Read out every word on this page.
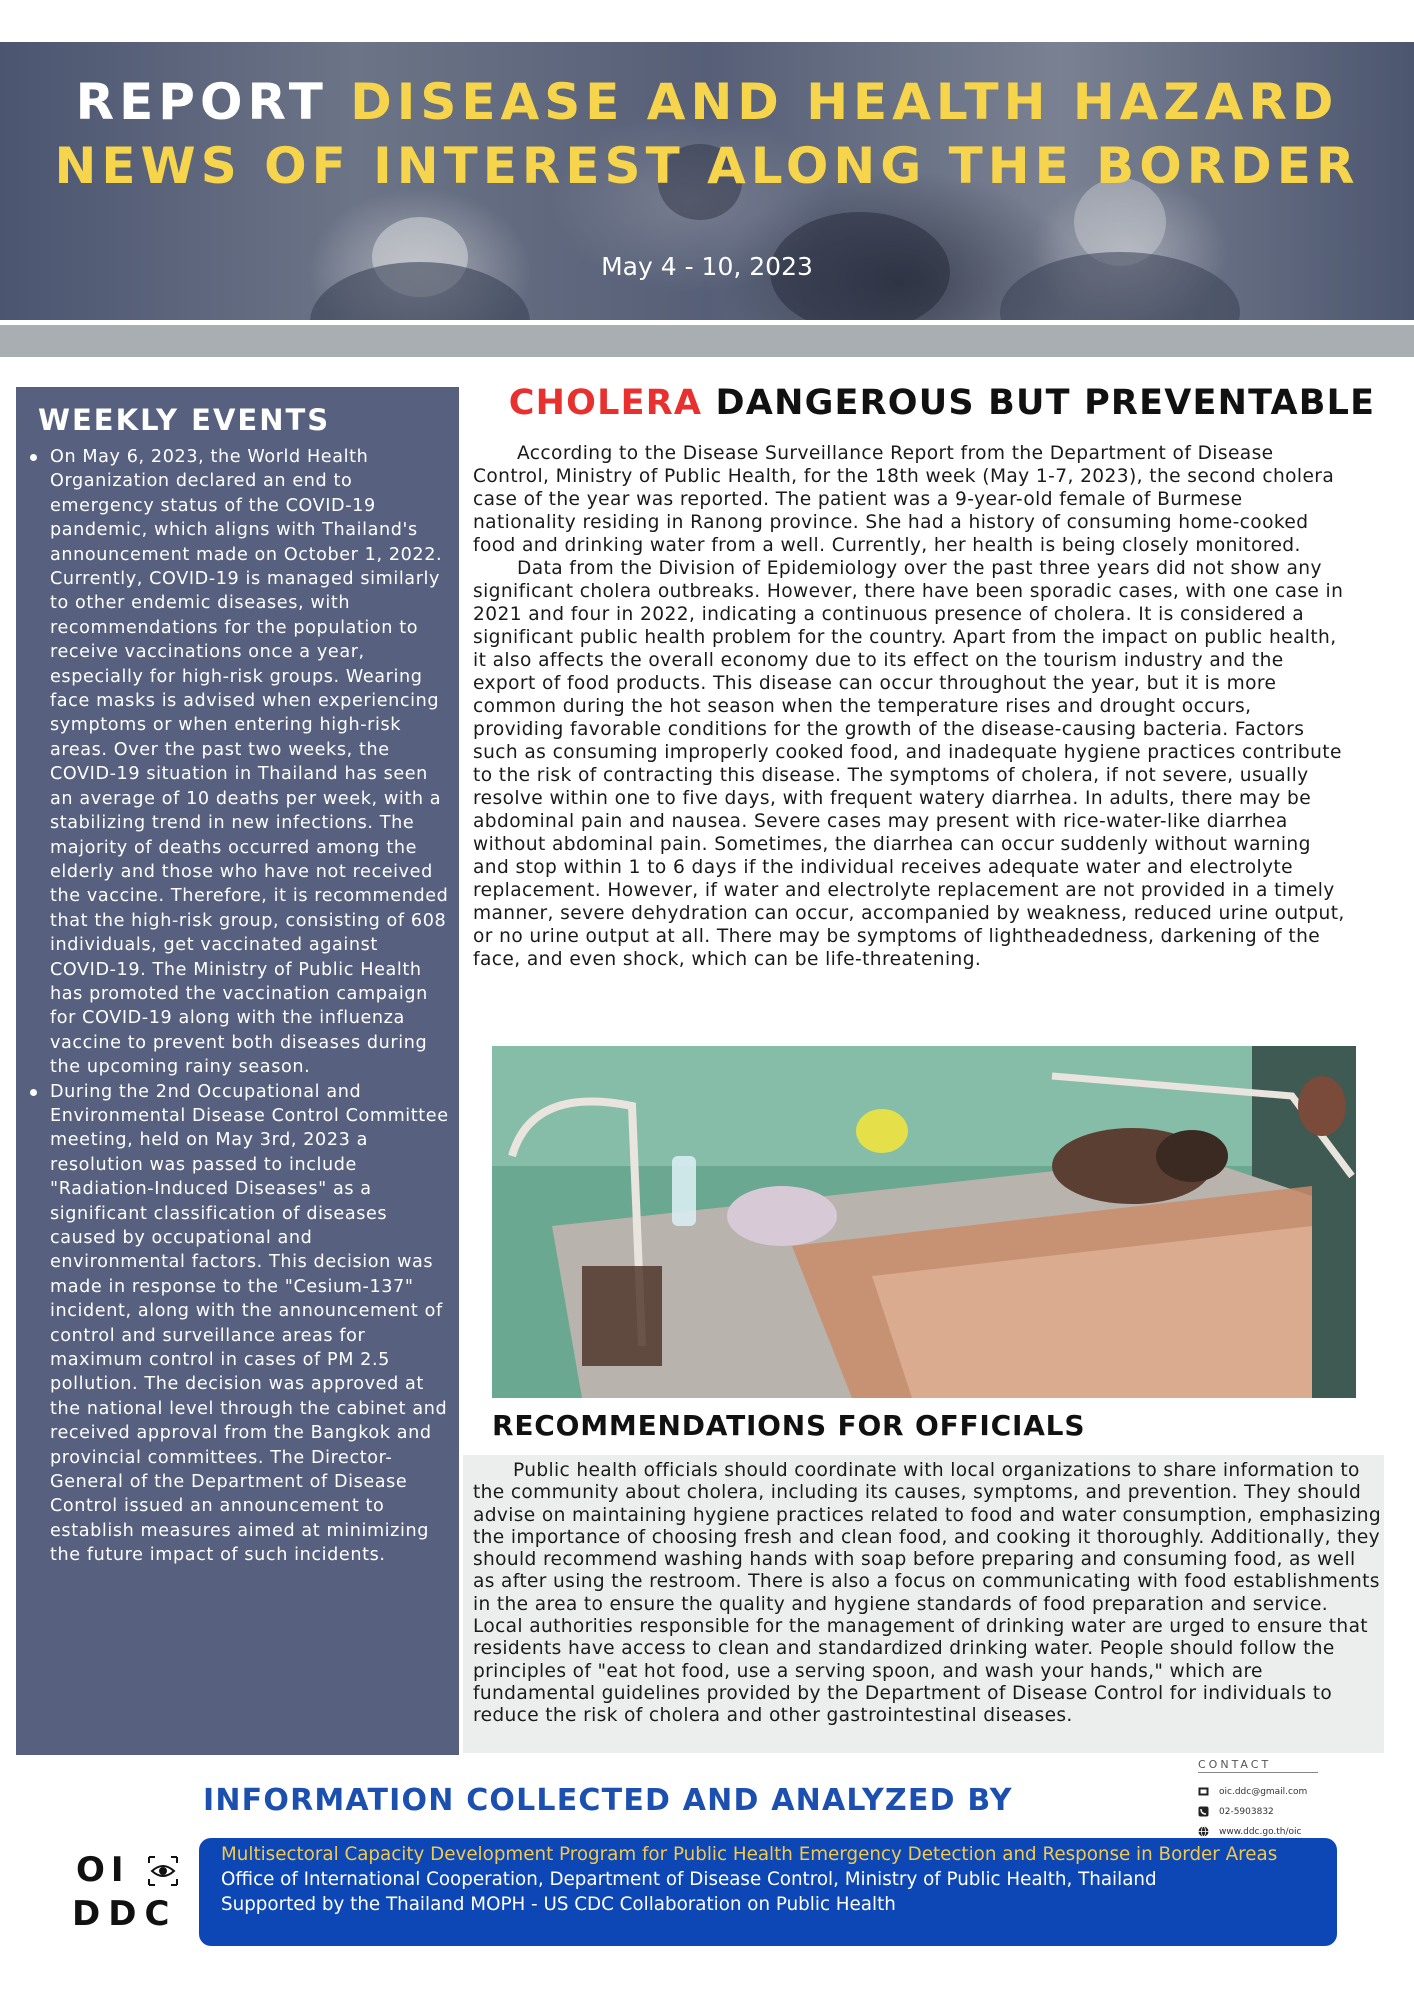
REPORT DISEASE AND HEALTH HAZARD
NEWS OF INTEREST ALONG THE BORDER
May 4 - 10, 2023
WEEKLY EVENTS
On May 6, 2023, the World Health Organization declared an end to emergency status of the COVID-19 pandemic, which aligns with Thailand's announcement made on October 1, 2022. Currently, COVID-19 is managed similarly to other endemic diseases, with recommendations for the population to receive vaccinations once a year, especially for high-risk groups. Wearing face masks is advised when experiencing symptoms or when entering high-risk areas. Over the past two weeks, the COVID-19 situation in Thailand has seen an average of 10 deaths per week, with a stabilizing trend in new infections. The majority of deaths occurred among the elderly and those who have not received the vaccine. Therefore, it is recommended that the high-risk group, consisting of 608 individuals, get vaccinated against COVID-19. The Ministry of Public Health has promoted the vaccination campaign for COVID-19 along with the influenza vaccine to prevent both diseases during the upcoming rainy season.
During the 2nd Occupational and Environmental Disease Control Committee meeting, held on May 3rd, 2023 a resolution was passed to include "Radiation-Induced Diseases" as a significant classification of diseases caused by occupational and environmental factors. This decision was made in response to the "Cesium-137" incident, along with the announcement of control and surveillance areas for maximum control in cases of PM 2.5 pollution. The decision was approved at the national level through the cabinet and received approval from the Bangkok and provincial committees. The Director-General of the Department of Disease Control issued an announcement to establish measures aimed at minimizing the future impact of such incidents.
CHOLERA DANGEROUS BUT PREVENTABLE

According to the Disease Surveillance Report from the Department of Disease Control, Ministry of Public Health, for the 18th week (May 1-7, 2023), the second cholera case of the year was reported. The patient was a 9-year-old female of Burmese nationality residing in Ranong province. She had a history of consuming home-cooked food and drinking water from a well. Currently, her health is being closely monitored.

Data from the Division of Epidemiology over the past three years did not show any significant cholera outbreaks. However, there have been sporadic cases, with one case in 2021 and four in 2022, indicating a continuous presence of cholera. It is considered a significant public health problem for the country. Apart from the impact on public health, it also affects the overall economy due to its effect on the tourism industry and the export of food products. This disease can occur throughout the year, but it is more common during the hot season when the temperature rises and drought occurs, providing favorable conditions for the growth of the disease-causing bacteria. Factors such as consuming improperly cooked food, and inadequate hygiene practices contribute to the risk of contracting this disease. The symptoms of cholera, if not severe, usually resolve within one to five days, with frequent watery diarrhea. In adults, there may be abdominal pain and nausea. Severe cases may present with rice-water-like diarrhea without abdominal pain. Sometimes, the diarrhea can occur suddenly without warning and stop within 1 to 6 days if the individual receives adequate water and electrolyte replacement. However, if water and electrolyte replacement are not provided in a timely manner, severe dehydration can occur, accompanied by weakness, reduced urine output, or no urine output at all. There may be symptoms of lightheadedness, darkening of the face, and even shock, which can be life-threatening.

RECOMMENDATIONS FOR OFFICIALS

Public health officials should coordinate with local organizations to share information to the community about cholera, including its causes, symptoms, and prevention. They should advise on maintaining hygiene practices related to food and water consumption, emphasizing the importance of choosing fresh and clean food, and cooking it thoroughly. Additionally, they should recommend washing hands with soap before preparing and consuming food, as well as after using the restroom. There is also a focus on communicating with food establishments in the area to ensure the quality and hygiene standards of food preparation and service. Local authorities responsible for the management of drinking water are urged to ensure that residents have access to clean and standardized drinking water. People should follow the principles of "eat hot food, use a serving spoon, and wash your hands," which are fundamental guidelines provided by the Department of Disease Control for individuals to reduce the risk of cholera and other gastrointestinal diseases.

INFORMATION COLLECTED AND ANALYZED BY
CONTACT
oic.ddc@gmail.com
02-5903832
www.ddc.go.th/oic
OI
DDC
Multisectoral Capacity Development Program for Public Health Emergency Detection and Response in Border Areas
Office of International Cooperation, Department of Disease Control, Ministry of Public Health, Thailand
Supported by the Thailand MOPH - US CDC Collaboration on Public Health
